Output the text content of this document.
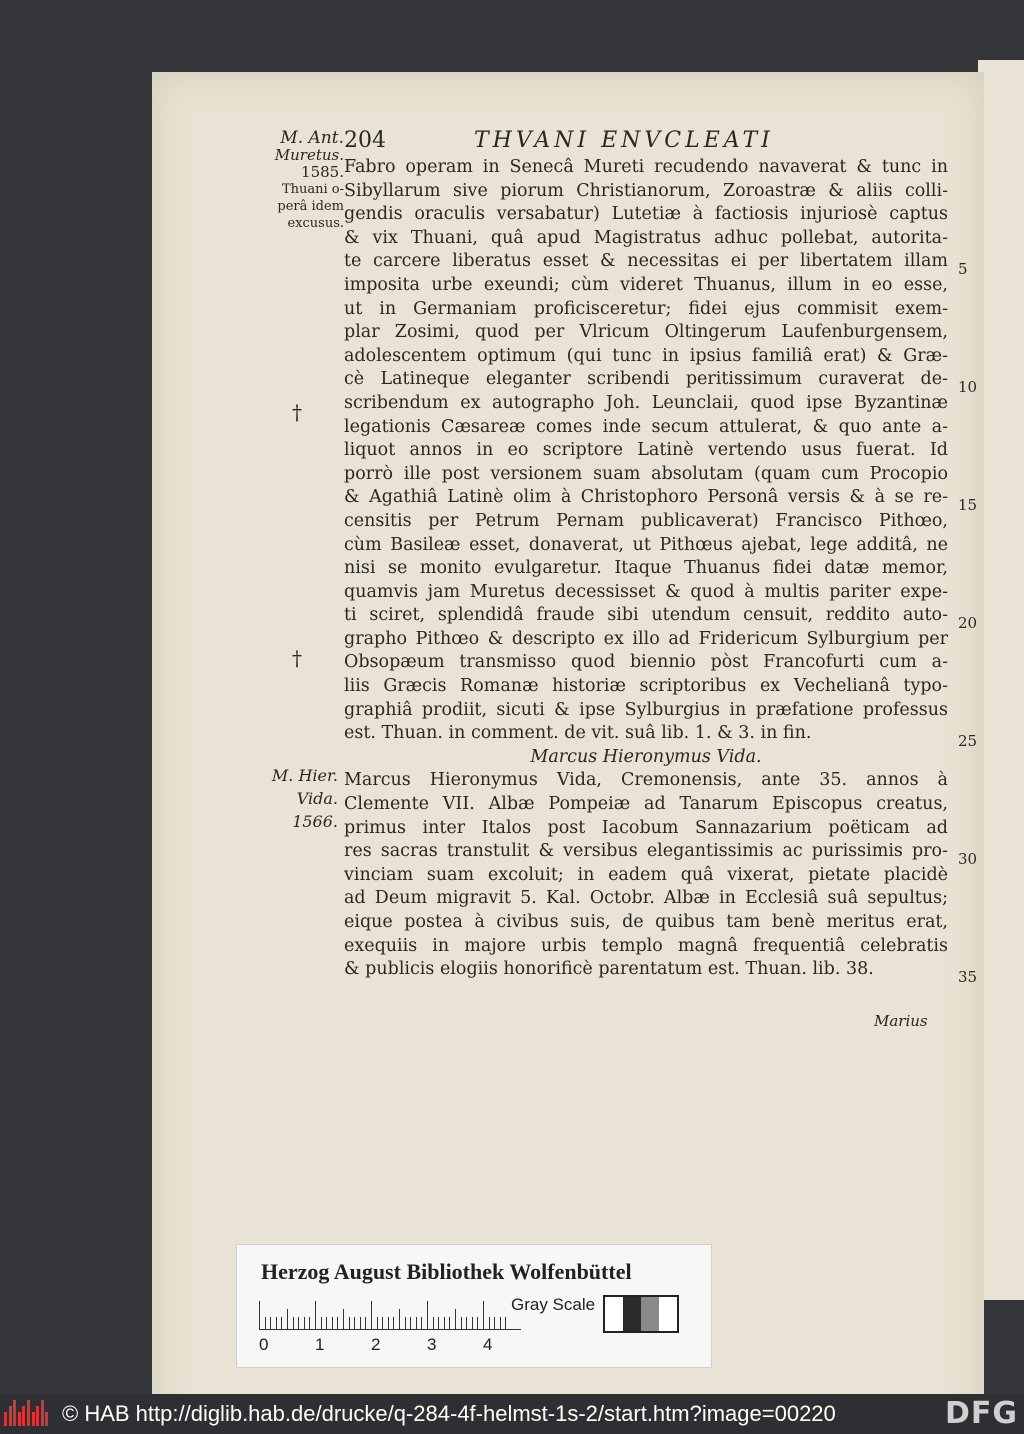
204	THVANI ENVCLEATI
M. Ant.
Muretus.
1585.
Thuani o-
perâ idem
excusus.
M. Hier.
Vida.
1566.
†
†
Fabro operam in Senecâ Mureti recudendo navaverat & tunc in
Sibyllarum sive piorum Christianorum, Zoroastræ & aliis colli-
gendis oraculis versabatur) Lutetiæ à factiosis injuriosè captus
& vix Thuani, quâ apud Magistratus adhuc pollebat, autorita-
te carcere liberatus esset & necessitas ei per libertatem illam
imposita urbe exeundi; cùm videret Thuanus, illum in eo esse,
ut in Germaniam proficisceretur; fidei ejus commisit exem-
plar Zosimi, quod per Vlricum Oltingerum Laufenburgensem,
adolescentem optimum (qui tunc in ipsius familiâ erat) & Græ-
cè Latineque eleganter scribendi peritissimum curaverat de-
scribendum ex autographo Joh. Leunclaii, quod ipse Byzantinæ
legationis Cæsareæ comes inde secum attulerat, & quo ante a-
liquot annos in eo scriptore Latinè vertendo usus fuerat. Id
porrò ille post versionem suam absolutam (quam cum Procopio
& Agathiâ Latinè olim à Christophoro Personâ versis & à se re-
censitis per Petrum Pernam publicaverat) Francisco Pithœo,
cùm Basileæ esset, donaverat, ut Pithœus ajebat, lege additâ, ne
nisi se monito evulgaretur. Itaque Thuanus fidei datæ memor,
quamvis jam Muretus decessisset & quod à multis pariter expe-
ti sciret, splendidâ fraude sibi utendum censuit, reddito auto-
grapho Pithœo & descripto ex illo ad Fridericum Sylburgium per
Obsopæum transmisso quod biennio pòst Francofurti cum a-
liis Græcis Romanæ historiæ scriptoribus ex Vechelianâ typo-
graphiâ prodiit, sicuti & ipse Sylburgius in præfatione professus
est. Thuan. in comment. de vit. suâ lib. 1. & 3. in fin.
Marcus Hieronymus Vida.
Marcus Hieronymus Vida, Cremonensis, ante 35. annos à
Clemente VII. Albæ Pompeiæ ad Tanarum Episcopus creatus,
primus inter Italos post Iacobum Sannazarium poëticam ad
res sacras transtulit & versibus elegantissimis ac purissimis pro-
vinciam suam excoluit; in eadem quâ vixerat, pietate placidè
ad Deum migravit 5. Kal. Octobr. Albæ in Ecclesiâ suâ sepultus;
eique postea à civibus suis, de quibus tam benè meritus erat,
exequiis in majore urbis templo magnâ frequentiâ celebratis
& publicis elogiis honorificè parentatum est. Thuan. lib. 38.
5
10
15
20
25
30
35
Marius
Herzog August Bibliothek Wolfenbüttel
0	1	2	3	4
Gray Scale
© HAB http://diglib.hab.de/drucke/q-284-4f-helmst-1s-2/start.htm?image=00220	DFG
